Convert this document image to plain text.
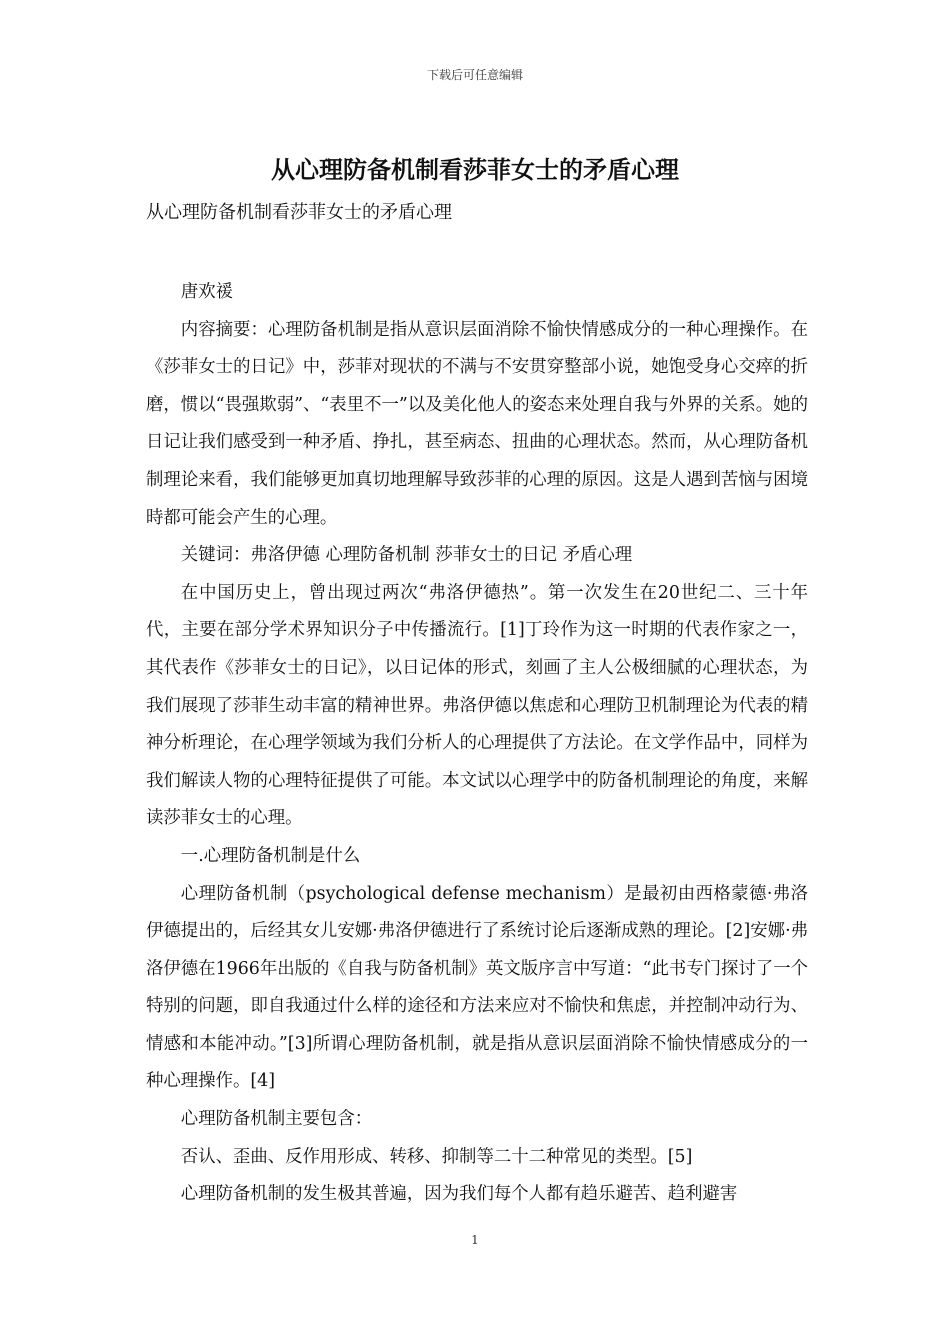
下载后可任意编辑
从心理防备机制看莎菲女士的矛盾心理
从心理防备机制看莎菲女士的矛盾心理

唐欢禐

内容摘要：心理防备机制是指从意识层面消除不愉快情感成分的一种心理操作。在《莎菲女士的日记》中，莎菲对现状的不满与不安贯穿整部小说，她饱受身心交瘁的折磨，惯以“畏强欺弱”、“表里不一”以及美化他人的姿态来处理自我与外界的关系。她的日记让我们感受到一种矛盾、挣扎，甚至病态、扭曲的心理状态。然而，从心理防备机制理论来看，我们能够更加真切地理解导致莎菲的心理的原因。这是人遇到苦恼与困境時都可能会产生的心理。

关键词：弗洛伊德 心理防备机制 莎菲女士的日记 矛盾心理

在中国历史上，曾出现过两次“弗洛伊德热”。第一次发生在20世纪二、三十年代，主要在部分学术界知识分子中传播流行。[1]丁玲作为这一时期的代表作家之一，其代表作《莎菲女士的日记》，以日记体的形式，刻画了主人公极细腻的心理状态，为我们展现了莎菲生动丰富的精神世界。弗洛伊德以焦虑和心理防卫机制理论为代表的精神分析理论，在心理学领域为我们分析人的心理提供了方法论。在文学作品中，同样为我们解读人物的心理特征提供了可能。本文试以心理学中的防备机制理论的角度，来解读莎菲女士的心理。

一.心理防备机制是什么

心理防备机制（psychological defense mechanism）是最初由西格蒙德·弗洛伊德提出的，后经其女儿安娜·弗洛伊德进行了系统讨论后逐渐成熟的理论。[2]安娜·弗洛伊德在1966年出版的《自我与防备机制》英文版序言中写道：“此书专门探讨了一个特别的问题，即自我通过什么样的途径和方法来应对不愉快和焦虑，并控制冲动行为、情感和本能冲动。”[3]所谓心理防备机制，就是指从意识层面消除不愉快情感成分的一种心理操作。[4]

心理防备机制主要包含：

否认、歪曲、反作用形成、转移、抑制等二十二种常见的类型。[5]

心理防备机制的发生极其普遍，因为我们每个人都有趋乐避苦、趋利避害

1
